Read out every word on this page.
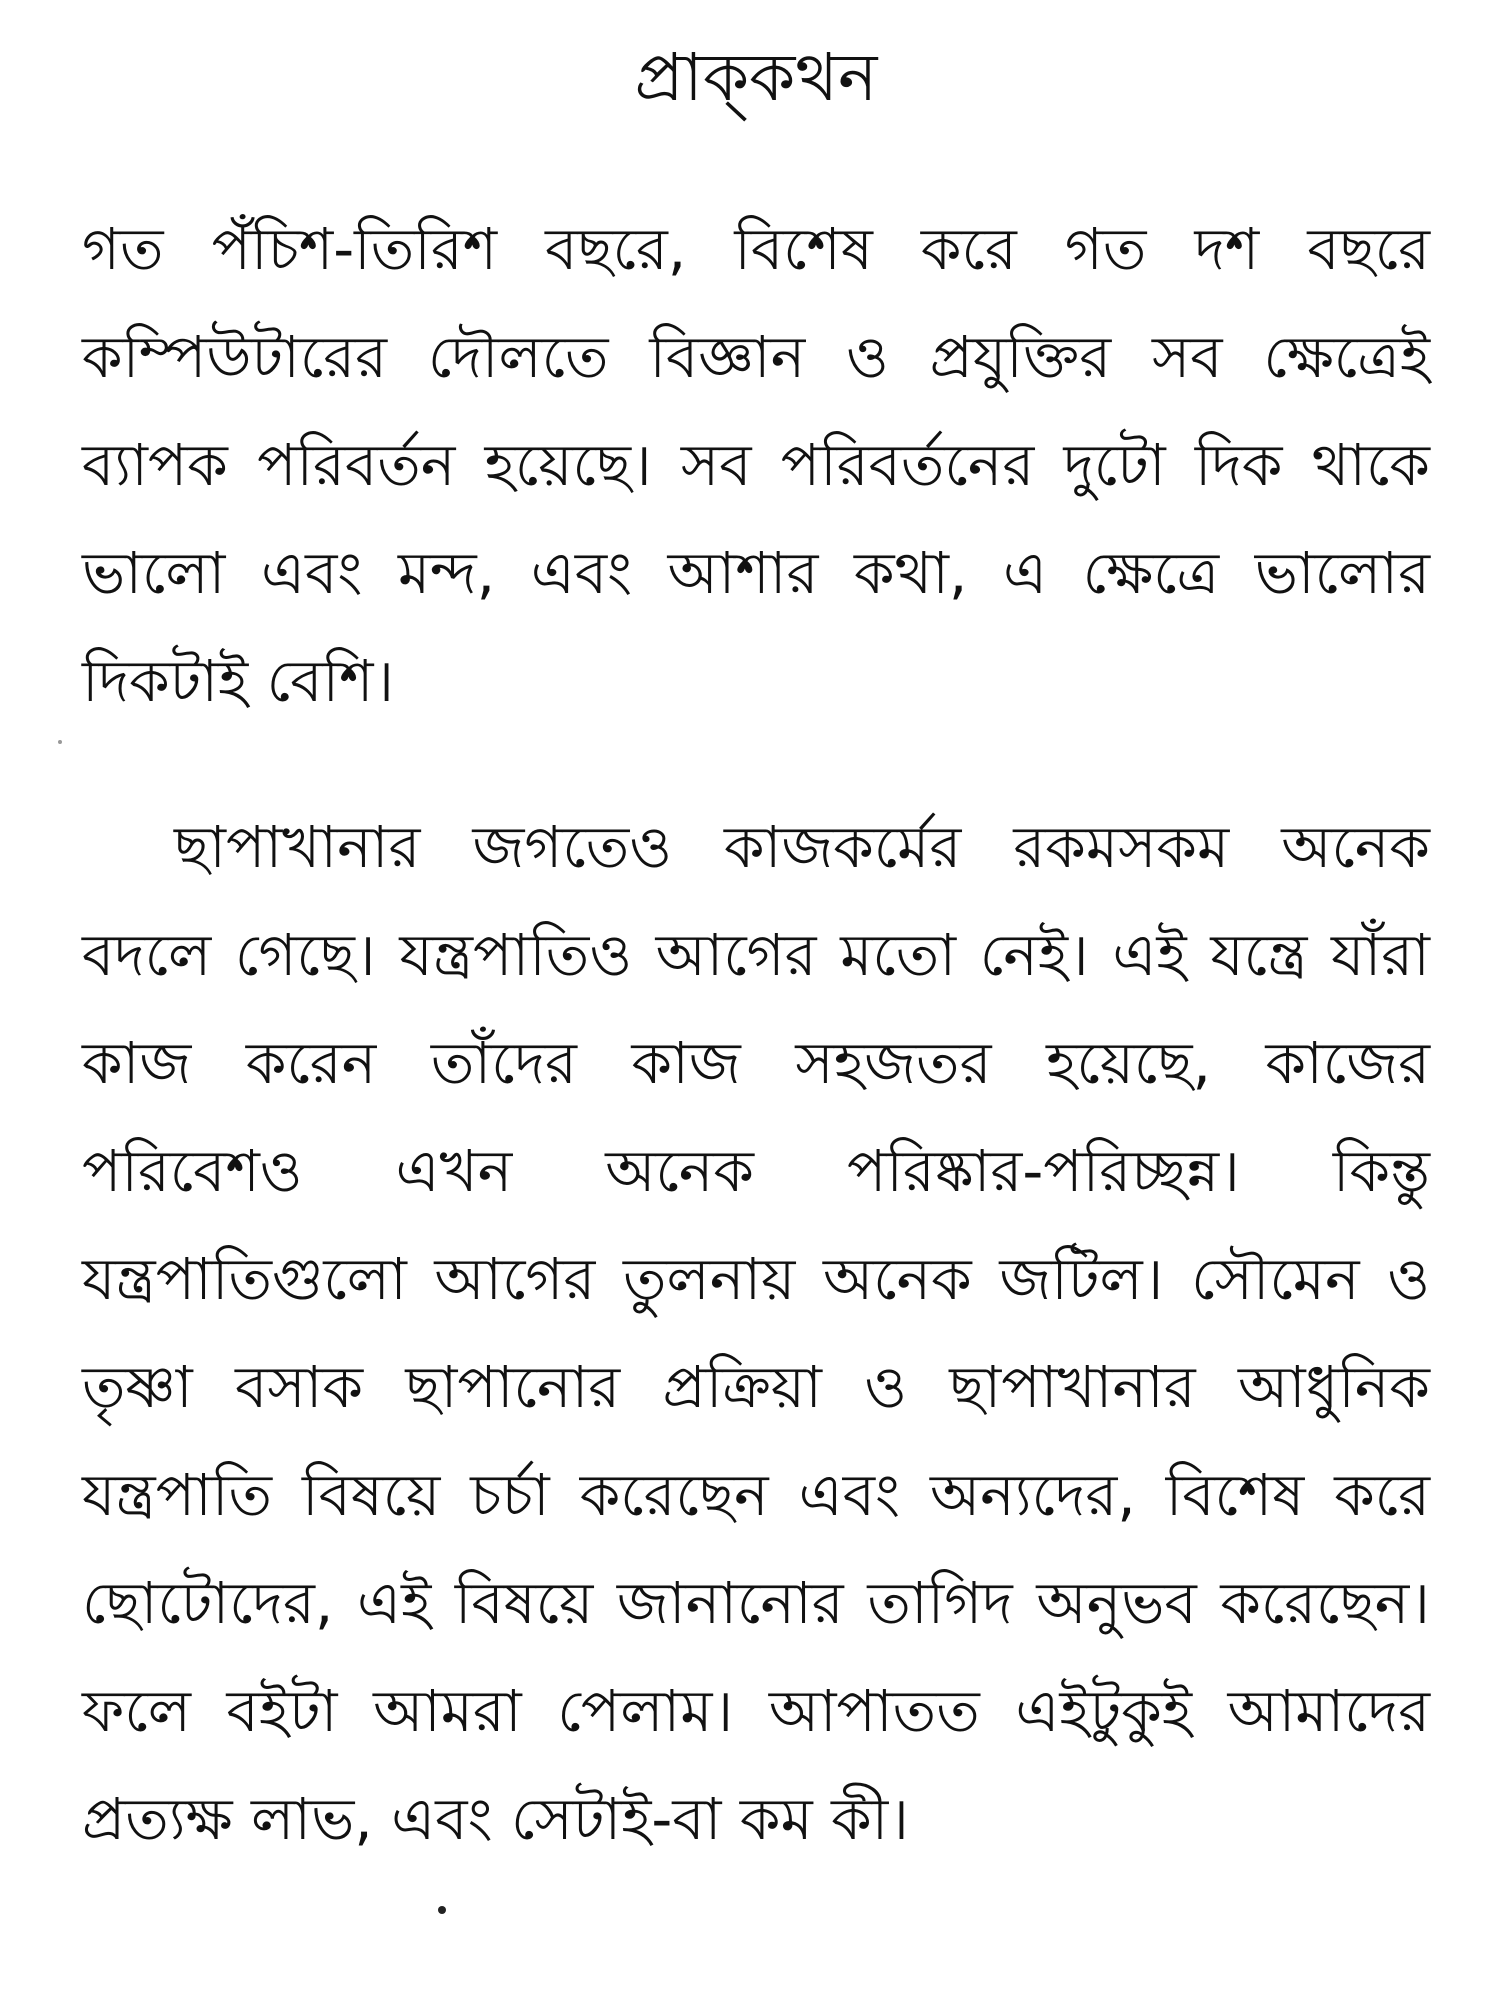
প্রাক্‌কথন

গত পঁচিশ-তিরিশ বছরে, বিশেষ করে গত দশ বছরে কম্পিউটারের দৌলতে বিজ্ঞান ও প্রযুক্তির সব ক্ষেত্রেই ব্যাপক পরিবর্তন হয়েছে। সব পরিবর্তনের দুটো দিক থাকে ভালো এবং মন্দ, এবং আশার কথা, এ ক্ষেত্রে ভালোর দিকটাই বেশি।

ছাপাখানার জগতেও কাজকর্মের রকমসকম অনেক বদলে গেছে। যন্ত্রপাতিও আগের মতো নেই। এই যন্ত্রে যাঁরা কাজ করেন তাঁদের কাজ সহজতর হয়েছে, কাজের পরিবেশও এখন অনেক পরিষ্কার-পরিচ্ছন্ন। কিন্তু যন্ত্রপাতিগুলো আগের তুলনায় অনেক জটিল। সৌমেন ও তৃষ্ণা বসাক ছাপানোর প্রক্রিয়া ও ছাপাখানার আধুনিক যন্ত্রপাতি বিষয়ে চর্চা করেছেন এবং অন্যদের, বিশেষ করে ছোটোদের, এই বিষয়ে জানানোর তাগিদ অনুভব করেছেন। ফলে বইটা আমরা পেলাম। আপাতত এইটুকুই আমাদের প্রত্যক্ষ লাভ, এবং সেটাই-বা কম কী।
